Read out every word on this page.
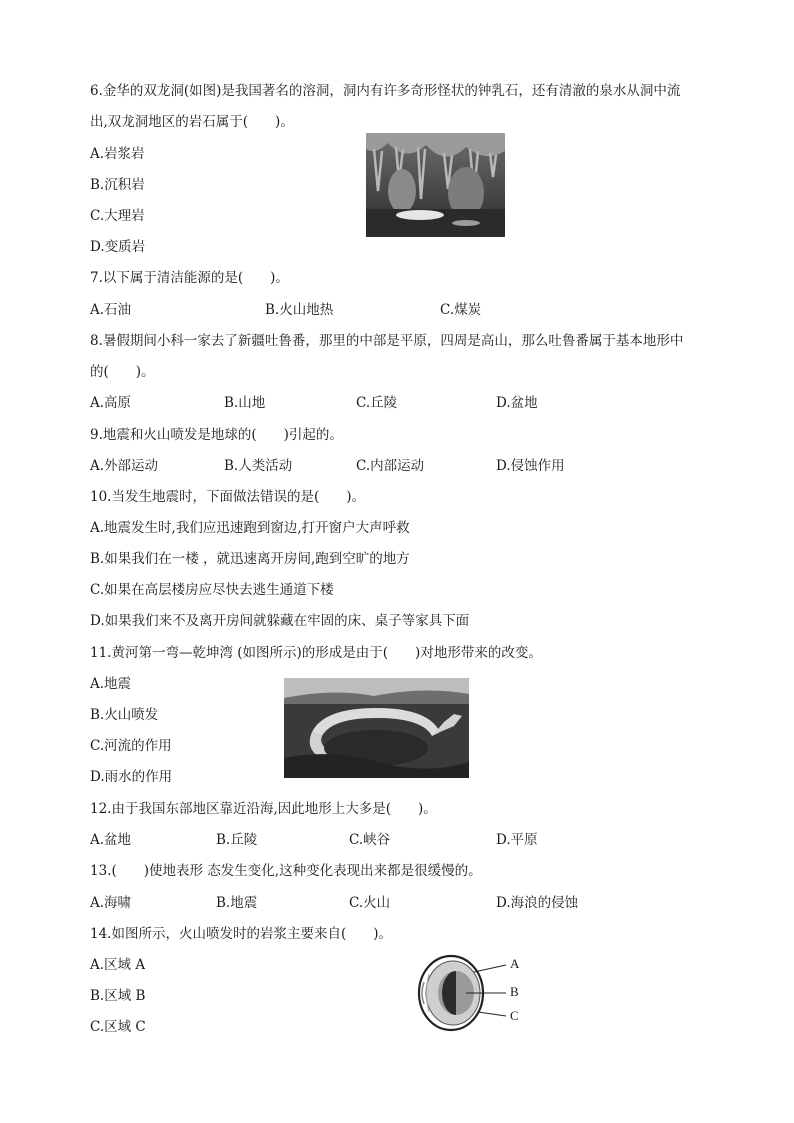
6.金华的双龙洞(如图)是我国著名的溶洞，洞内有许多奇形怪状的钟乳石，还有清澈的泉水从洞中流
出,双龙洞地区的岩石属于(　　)。
A.岩浆岩
B.沉积岩
C.大理岩
D.变质岩
7.以下属于清洁能源的是(　　)。
A.石油	B.火山地热	C.煤炭
8.暑假期间小科一家去了新疆吐鲁番，那里的中部是平原，四周是高山，那么吐鲁番属于基本地形中
的(　　)。
A.高原	B.山地	C.丘陵	D.盆地
9.地震和火山喷发是地球的(　　)引起的。
A.外部运动	B.人类活动	C.内部运动	D.侵蚀作用
10.当发生地震时，下面做法错误的是(　　)。
A.地震发生时,我们应迅速跑到窗边,打开窗户大声呼救
B.如果我们在一楼 ，就迅速离开房间,跑到空旷的地方
C.如果在高层楼房应尽快去逃生通道下楼
D.如果我们来不及离开房间就躲藏在牢固的床、桌子等家具下面
11.黄河第一弯—乾坤湾 (如图所示)的形成是由于(　　)对地形带来的改变。
A.地震
B.火山喷发
C.河流的作用
D.雨水的作用
12.由于我国东部地区靠近沿海,因此地形上大多是(　　)。
A.盆地	B.丘陵	C.峡谷	D.平原
13.(　　)使地表形 态发生变化,这种变化表现出来都是很缓慢的。
A.海啸	B.地震	C.火山	D.海浪的侵蚀
14.如图所示，火山喷发时的岩浆主要来自(　　)。
A.区域 A
B.区域 B
C.区域 C
A
B
C
